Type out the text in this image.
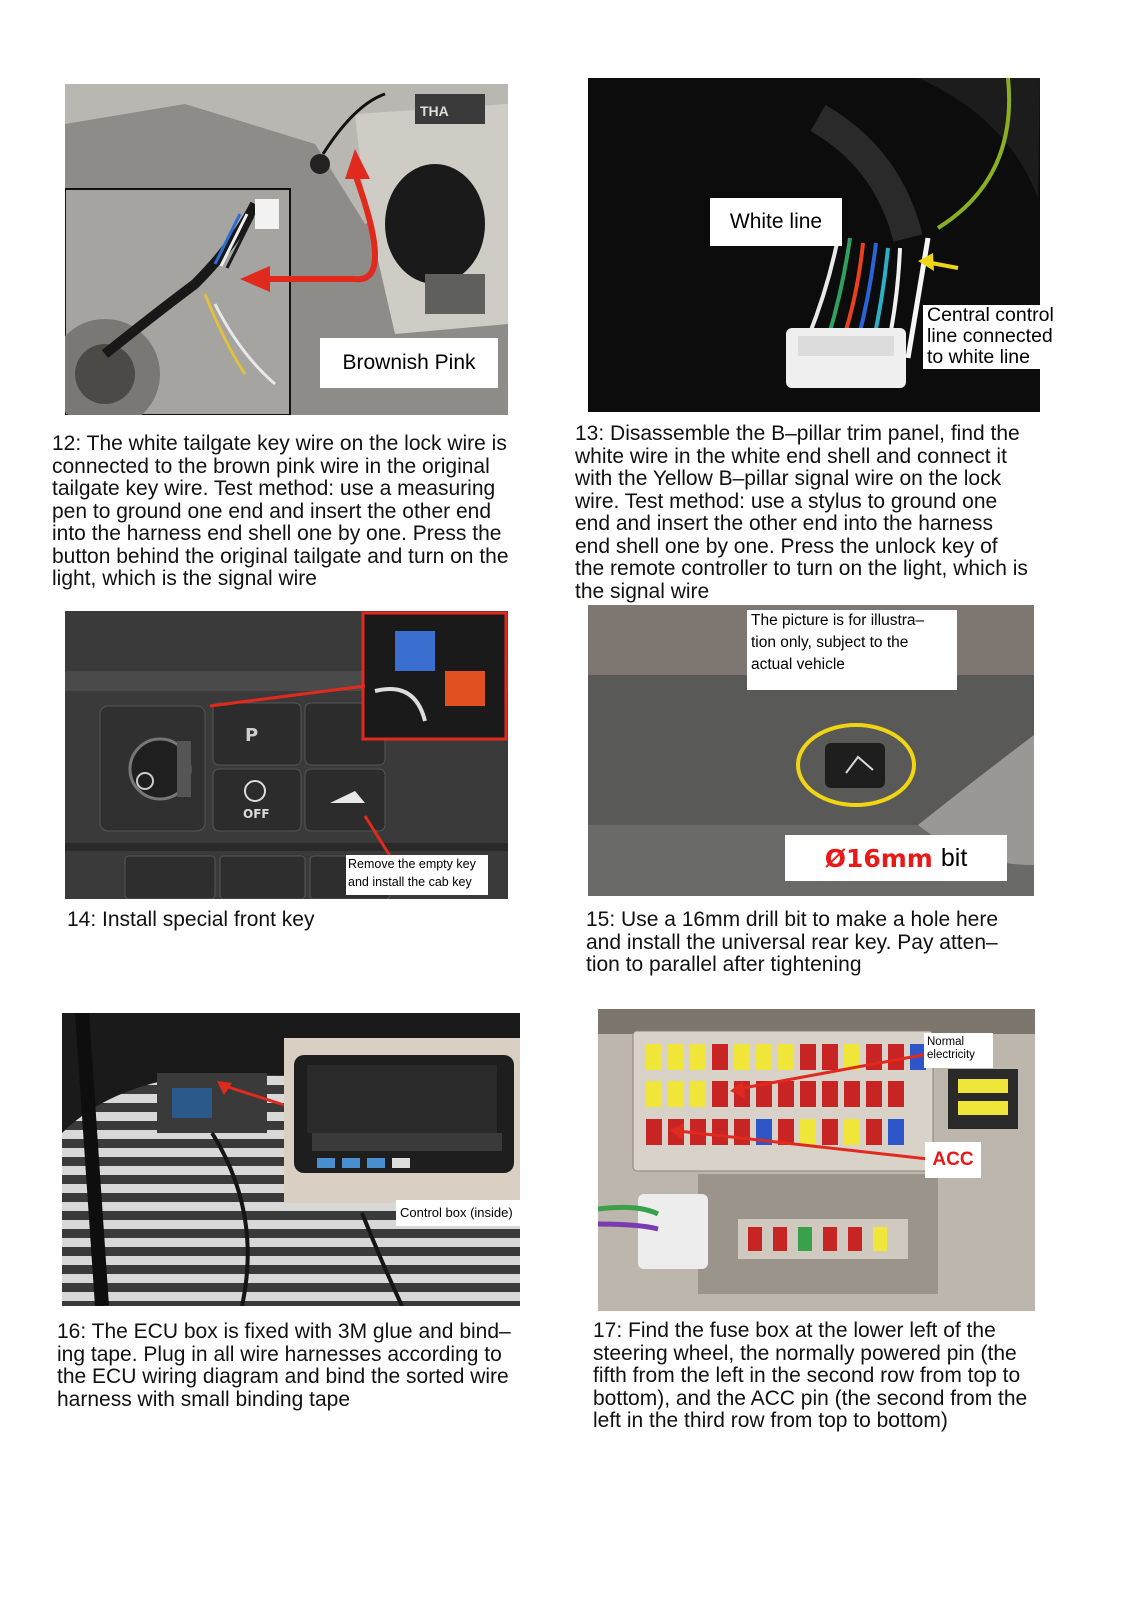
THA
Brownish Pink

12: The white tailgate key wire on the lock wire is
connected to the brown pink wire in the original
tailgate key wire. Test method: use a measuring
pen to ground one end and insert the other end
into the harness end shell one by one. Press the
button behind the original tailgate and turn on the
light, which is the signal wire

White line
Central control
line connected
to white line

13: Disassemble the B–pillar trim panel, find the
white wire in the white end shell and connect it
with the Yellow B–pillar signal wire on the lock
wire. Test method: use a stylus to ground one
end and insert the other end into the harness
end shell one by one. Press the unlock key of
the remote controller to turn on the light, which is
the signal wire

P
OFF
Remove the empty key
and install the cab key

14: Install special front key

The picture is for illustra–
tion only, subject to the
actual vehicle
Ø16mm bit

15: Use a 16mm drill bit to make a hole here
and install the universal rear key. Pay atten–
tion to parallel after tightening

Control box (inside)

16: The ECU box is fixed with 3M glue and bind–
ing tape. Plug in all wire harnesses according to
the ECU wiring diagram and bind the sorted wire
harness with small binding tape

Normal
electricity
ACC

17: Find the fuse box at the lower left of the
steering wheel, the normally powered pin (the
fifth from the left in the second row from top to
bottom), and the ACC pin (the second from the
left in the third row from top to bottom)
